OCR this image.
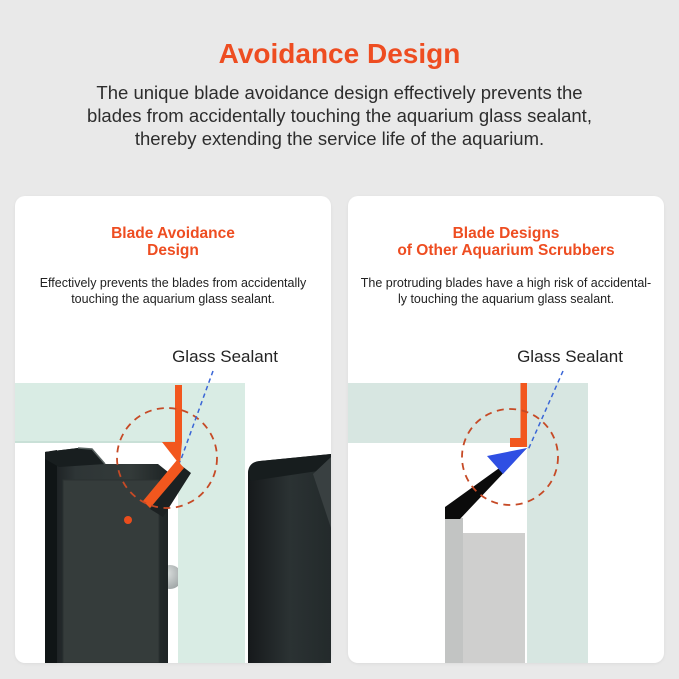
Avoidance Design
The unique blade avoidance design effectively prevents the
blades from accidentally touching the aquarium glass sealant,
thereby extending the service life of the aquarium.
Blade Avoidance
Design
Effectively prevents the blades from accidentally
touching the aquarium glass sealant.
Glass Sealant
Blade Designs
of Other Aquarium Scrubbers
The protruding blades have a high risk of accidental-
ly touching the aquarium glass sealant.
Glass Sealant
